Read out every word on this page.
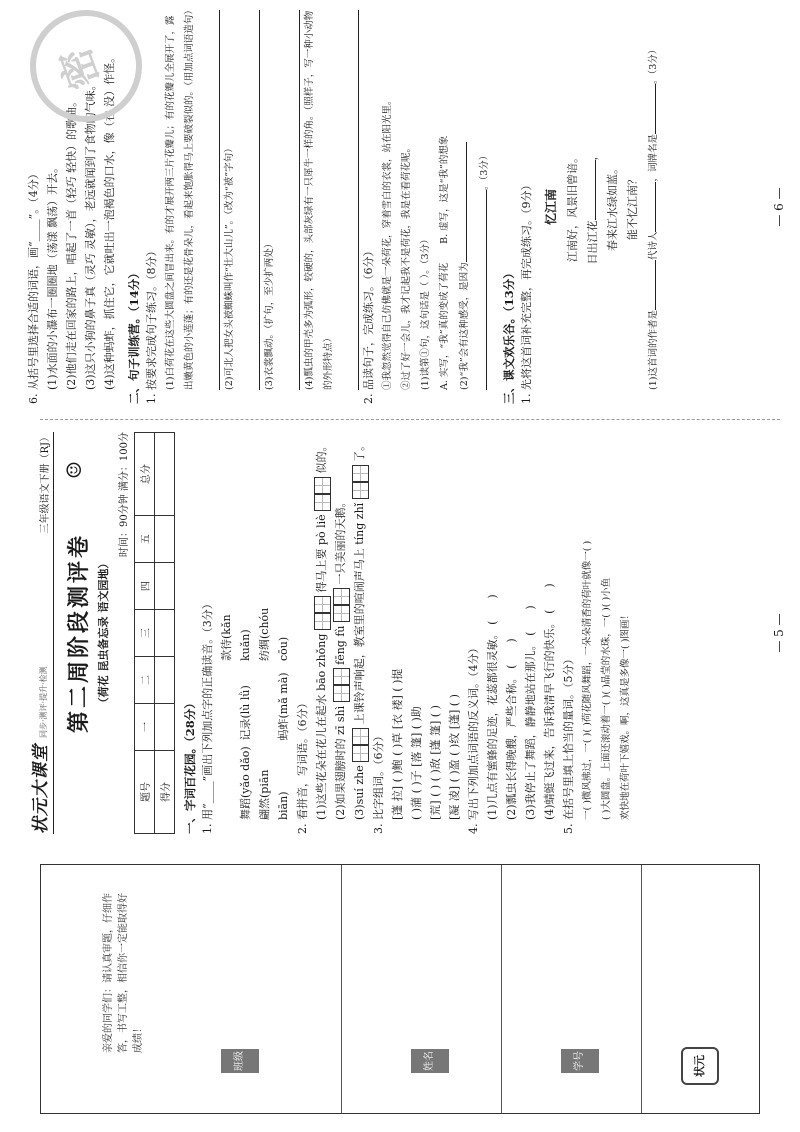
班级	姓名	学号
亲爱的同学们：请认真审题，仔细作答，书写工整，相信你一定能取得好成绩！
状元
状元大课堂同步·测评·提升·检测
三年级语文下册（RJ） ☺
第二周阶段测评卷 （荷花 昆虫备忘录 语文园地）
时间：90分钟 满分：100分
题号	一	二	三	四	五	总分
得分						一、字词百花园。（28分） 1. 用“____”画出下列加点字的正确读音。（3分）	舞蹈(yǎo dǎo) 记录(lù lǜ) 款待(kǎn kuǎn)
翩然(piān biān) 蚂蚱(mǎ mà) 纺绸(chóu cōu)
2. 看拼音，写词语。（6分） (1)这些花朵在花儿在起水 bāo zhǒng  得马上要 pò liè  似的。
(2)如果翅膀时的 zī shì  fēng fù  一只美丽的天鹅。
(3)suí zhe  上课铃声响起，教室里的喧闹声马上 tíng zhǐ  了。
3. 比字组词。（6分） [蓬 拉] ( )鲍 ( )草 [衣 褛] ( )提 ( )蒲 ( )子 [落 篷] ( )助 [荒] ( ) ( )敌 [蓬 篷] ( ) [凝 凌] ( )盈 ( )纹 [蓬] ( ) 4. 写出下列加点词语的反义词。（4分） (1)几点有蜜蜂的足迹，花蕊都很灵敏。 (　　)
(2)瓢虫长得晚艘，严些合称。 (　　) (3)我停止了舞蹈，静静地站在那儿。 (　　) (4)蜻蜓飞过来，告诉我清早飞行的快乐。 (　　)
5. 在括号里填上恰当的量词。（5分） 一( )微风拂过，一( )( )荷花随风舞蹈，一朵朵清香的荷叶就像一( ) ( )大圆盘。上面还滚动着一( )( )晶莹的水珠，一( )( )小鱼 欢快地在荷叶下嬉戏。啊，这真是多像一( )图画！	— 5 —
6. 从括号里选择合适的词语，画“____”。（4分） (1)水面的小瀑布一圈圈地（荡漾 飘荡）开去。 (2)他们走在回家的路上，唱起了一首（轻巧 轻快）的歌曲。 (3)这只小狗的鼻子真（灵巧 灵敏），老远就闻到了食物的气味。 (4)这种蚂蚱，抓住它，它就吐出一泡褐色的口水，像（在 没）作怪。 二、句子训练营。（14分） 1. 按要求完成句子练习。（8分） (1)白荷花在这些大圆盘之间冒出来。有的才展开两三片花瓣儿；有的花瓣儿全展开了，露出嫩黄色的小莲蓬；有的还是花骨朵儿，看起来饱胀得马上要破裂似的。（用加点词语造句）	(2)可北人把女头被蜘蛛叫作“壮大山儿”。（改为“被”字句）	(3)衣裳飘动。（扩句，至少扩两处）	(4)瓢虫的甲壳多为弧形，较硬的，头部灰绿有一只犀牛一样的角。（照样子，写一种小动物的外形特点）	2. 品读句子，完成练习。（6分） ①我忽然觉得自己仿佛就是一朵荷花，穿着雪白的衣裳，站在阳光里。 ②过了好一会儿，我才记起我不是荷花，我是在看荷花呢。 (1)读第①句，这句话是（ ）。（3分） A. 实写，“我”真的变成了荷花　　B. 虚写，这是“我”的想象
(2)“我”会有这种感受，是因为
。（3分）
三、课文欢乐谷。（13分） 1. 先将这首词补充完整，再完成练习。（9分） 忆江南
江南好，风景旧曾谙。
日出江花，
春来江水绿如蓝。 能不忆江南？
(1)这首词的作者是代诗人，词牌名是。（3分）
— 6 —
密
